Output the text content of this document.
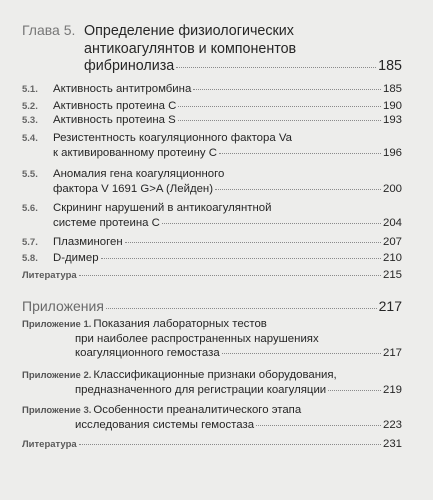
Глава 5. Определение физиологических
антикоагулянтов и компонентов
фибринолиза	185
5.1.	Активность антитромбина	185
5.2.	Активность протеина С	190
5.3.	Активность протеина S	193
5.4.	Резистентность коагуляционного фактора Va
к активированному протеину С	196
5.5.	Аномалия гена коагуляционного
фактора V 1691 G>A (Лейден)	200
5.6.	Скрининг нарушений в антикоагулянтной
системе протеина С	204
5.7.	Плазминоген	207
5.8.	D-димер	210
Литература	215
Приложения	217
Приложение 1. Показания лабораторных тестов
при наиболее распространенных нарушениях
коагуляционного гемостаза	217
Приложение 2. Классификационные признаки оборудования,
предназначенного для регистрации коагуляции	219
Приложение 3. Особенности преаналитического этапа
исследования системы гемостаза	223
Литература	231
